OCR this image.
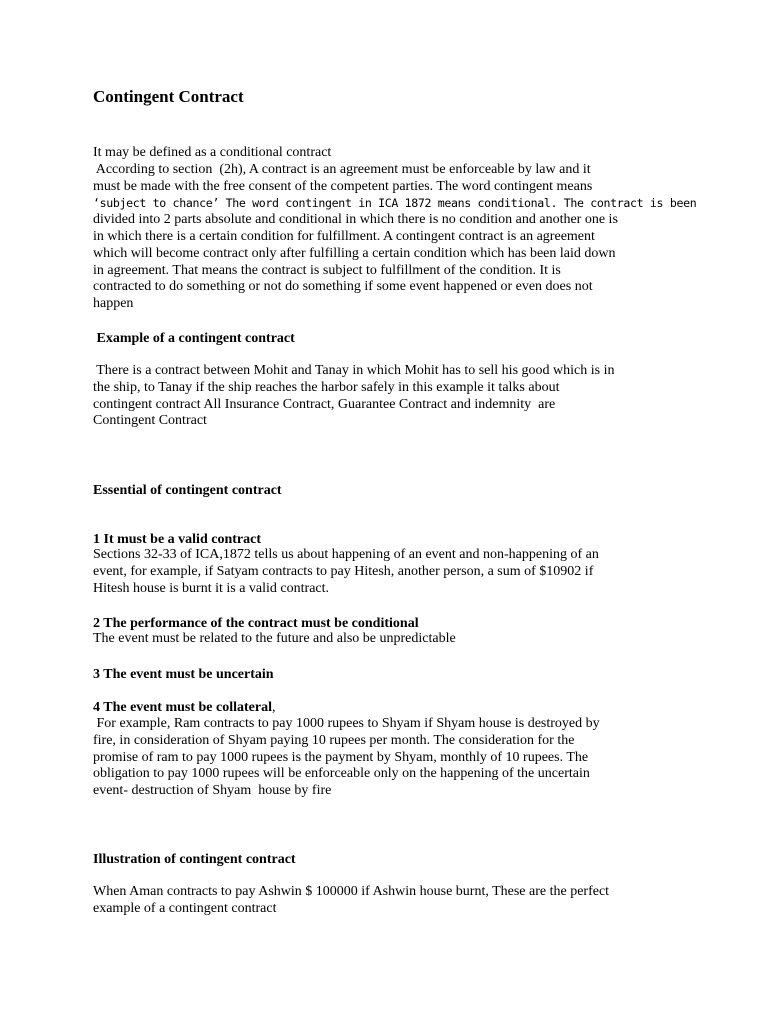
Contingent Contract

It may be defined as a conditional contract
According to section  (2h), A contract is an agreement must be enforceable by law and it
must be made with the free consent of the competent parties. The word contingent means
‘subject to chance’ The word contingent in ICA 1872 means conditional. The contract is been
divided into 2 parts absolute and conditional in which there is no condition and another one is
in which there is a certain condition for fulfillment. A contingent contract is an agreement
which will become contract only after fulfilling a certain condition which has been laid down
in agreement. That means the contract is subject to fulfillment of the condition. It is
contracted to do something or not do something if some event happened or even does not
happen

Example of a contingent contract

There is a contract between Mohit and Tanay in which Mohit has to sell his good which is in
the ship, to Tanay if the ship reaches the harbor safely in this example it talks about
contingent contract All Insurance Contract, Guarantee Contract and indemnity  are
Contingent Contract

Essential of contingent contract
1 It must be a valid contract

Sections 32-33 of ICA,1872 tells us about happening of an event and non-happening of an
event, for example, if Satyam contracts to pay Hitesh, another person, a sum of $10902 if
Hitesh house is burnt it is a valid contract.

2 The performance of the contract must be conditional

The event must be related to the future and also be unpredictable

3 The event must be uncertain
4 The event must be collateral,

For example, Ram contracts to pay 1000 rupees to Shyam if Shyam house is destroyed by
fire, in consideration of Shyam paying 10 rupees per month. The consideration for the
promise of ram to pay 1000 rupees is the payment by Shyam, monthly of 10 rupees. The
obligation to pay 1000 rupees will be enforceable only on the happening of the uncertain
event- destruction of Shyam  house by fire

Illustration of contingent contract

When Aman contracts to pay Ashwin $ 100000 if Ashwin house burnt, These are the perfect
example of a contingent contract
